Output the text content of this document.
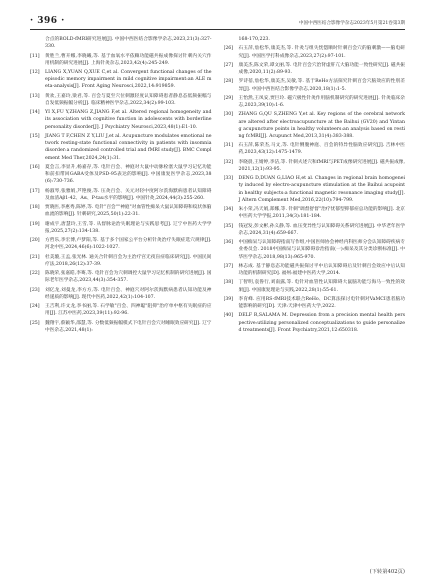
· 396 ·	中国中西医结合影像学杂志2023年5月第21卷第3期
合点的BOLD-fMRI研究进展[J]. 中国中西医结合影像学杂志,2023,21(3):327-330.
[11]	黄胜兰,曹开娜,李晓曦,等. 基于血氧水平依赖功能磁共振成像探讨针刺内关穴作用机制的研究进展[J]. 上海针灸杂志,2023,42(4):245-249.
[12]	LIANG X,YUAN Q,XUE C,et al. Convergent functional changes of the episodic memory impairment in mild cognitive impairment:an ALE meta-analysis[J]. Front Aging Neurosci,2022,14:919859.
[13]	黄欢,王嘉玲,梁君,等. 百会与夏至穴位刺激轻度认知障碍患者静息态低频振幅与自发低频振幅分析[J]. 临床精神医学杂志,2022,34(2):99-103.
[14]	YI X,FU Y,ZHANG Z,JIANG F,et al. Altered regional homogeneity and its association with cognitive function in adolescents with borderline personality disorder[J]. J Psychiatry Neurosci,2023,48(1):E1-10.
[15]	JIANG T F,CHEN Z Y,LIU J,et al. Acupuncture modulates emotional network resting-state functional connectivity in patients with insomnia disorder:a randomized controlled trial and fMRI study[J]. BMC Complement Med Ther,2024,24(1):31.
[16]	夏会言,李显升,杨嘉存,等. 电针百会、神庭对大鼠中动脉栓塞大鼠学习记忆功能和前扣带回GABA受体及PSD-95表达的影响[J]. 中国康复医学杂志,2023,38(6):730-736.
[17]	杨淑琴,张雅娟,芦艳俊,等. 压灸百会、关元对轻中度阿尔茨海默病患者认知障碍及血清Aβ1-42、Aα、P-tau水平的影响[J]. 中国针灸,2024,44(3):255-260.
[18]	贾晓医,李惠秀,陈婷,等. 电针"百会""神庭"对血管性痴呆大鼠认知障碍和纹状体脑血流的影响[J]. 针刺研究,2025,50(1):22-31.
[19]	谢成宇,唐慧玲,王雪,等. 从督脉论治失眠理论与实践思考[J]. 辽宁中医药大学学报,2025,27(2):134-138.
[20]	方哲乐,李宏博,卢梦阳,等. 基于多个国家公平台分析针灸治疗失眠症选穴规律[J]. 河北中医,2024,46(6):1022-1027.
[21]	杜美璇,王孟,张光林. 通关合针刺百会为主治疗宫无夜盲症临床研究[J]. 中国民间疗法,2018,26(12):37-39.
[22]	陈晓荣,张嘉皓,李骞,等. 电针百会为穴刺调控大鼠学习记忆机制的研究进展[J]. 国际老年医学杂志,2023,44(3):354-357.
[23]	刘亿龙,刘曼龙,李方方,等. 电针百会、神庭穴对阿尔茨海默病患者认知功能及神经递质的影响[J]. 现代中医药,2022,42(1):104-107.
[24]	王吉利,许文龙,李书丽,等. 石学敏"百会、四神聪"阻抑"治疗单中枢有失眠症的应用[J]. 江苏中医药,2023,39(11):92-96.
[25]	魏翔宇,蔡颖华,邵慧,等. 分数低频振幅模式下电针百会穴对睡眠效应研究[J]. 辽宁中医杂志,2021,48(1):
168-170,223.
[26]	石玉萍,詹松华,康美杰,等. 针灸与组失恍惚顺时针刺百会穴的脑刺激——脑电研究[J]. 中国医学打科成像杂志,2023,27(2):97-101.
[27]	康美杰,陈文荣,谭文丽,等. 电针百会穴治肾虚肝亢大脑功能一致性研究[J]. 磁共振成像,2020,11(2):89-93.
[28]	罗诗蓓,詹松华,康美杰,吴敏,等. 基于ReHo方法探究针刺百会穴脑效应的性别差异[J]. 中国中西医结合影像学杂志,2020,18(1):1-5.
[29]	王怡然,王凤安,贾巨玲. 磁穴极性针灸作用脑机制研究的研究进展[J]. 针灸临床杂志,2023,39(10):1-6.
[30]	ZHANG G,QU S,ZHENG Y,et al. Key regions of the cerebral network are altered after electroacupuncture at the Baihui (GV20) and Yintang acupuncture points in healthy volunteers:an analysis based on resting fcMRI[J]. Acupunct Med,2013,31(4):383-388.
[31]	石玉萍,陈荣杰,马文,等. 电针侧腹神庭、百会的特异性脑效应研究[J]. 吉林中医药,2023,43(12):1475-1479.
[32]	李晓晨,王婧婷,李洁,等. 针刺夫述穴和fMRI与PET成像研究进展[J]. 磁共振成像,2021,12(1):93-95.
[33]	DENG D,DUAN G,LIAO H,et al. Changes in regional brain homogeneity induced by electro-acupuncture stimulation at the Baihui acupoint in healthy subjects:a functional magnetic resonance imaging study[J]. J Altern Complement Med,2016,22(10):794-799.
[34]	朱小荣,冯天娟,郑娜,等. 针刺"调督舒督"治疗忧郁型抑郁症总功能的影响[J]. 北京中医药大学学报,2011,34(3):181-184.
[35]	钱冠发,彭文彬,孙义静,等. 血压变异性与认知障碍关系研究进展[J]. 中华老年医学杂志,2024,31(4):659-667.
[36]	中国痴呆与认知障碍指南写作组,中国医师协会神经内科医师分会认知障碍疾病专业委员会. 2018中国痴呆与认知障碍诊治指南(一):痴呆及其分类诊断标准[J]. 中华医学杂志,2018,98(13):965-970.
[37]	林志成. 基于静息态功能磁共振探讨平中后认知障碍后及针刺百会效应中后认知功能的机制研究[D]. 福州:福建中医药大学,2014.
[38]	丁智明,袁鲁行,刘南露,等. 电针对血管性认知障碍大鼠脑功能与海马一致性的效果[J]. 中国康复理论与实践,2022,28(1):55-61.
[39]	李育峰. 应用RS-fMRI技术联合ReHo、DC算法探讨电针刺对VaMCI患者脑功能影响的研究[D]. 天津:天津中医药大学,2022.
[40]	DELF R,SALAMA M. Depression from a precision mental health perspective:utilizing personalized conceptualizations to guide personalized treatments[J]. Front Psychiatry,2021,12:650318.
(下转第402页)
